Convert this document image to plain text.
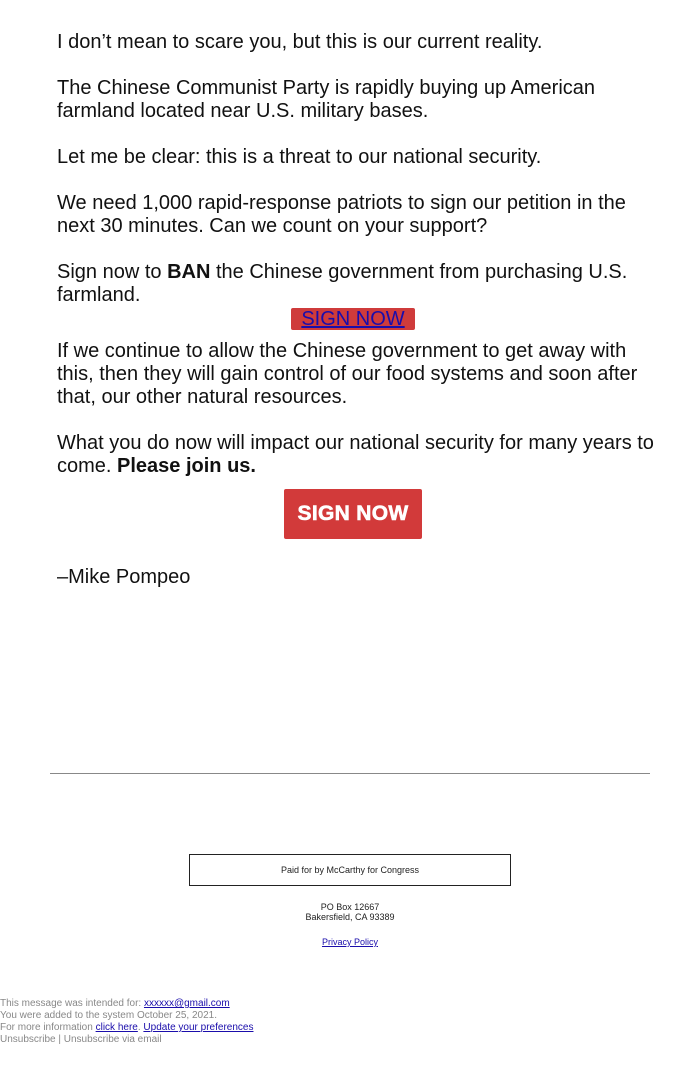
I don’t mean to scare you, but this is our current reality.

The Chinese Communist Party is rapidly buying up American farmland located near U.S. military bases.

Let me be clear: this is a threat to our national security.

We need 1,000 rapid-response patriots to sign our petition in the next 30 minutes. Can we count on your support?

Sign now to BAN the Chinese government from purchasing U.S. farmland.

SIGN NOW

If we continue to allow the Chinese government to get away with this, then they will gain control of our food systems and soon after that, our other natural resources.

What you do now will impact our national security for many years to come. Please join us.

SIGN NOW

–Mike Pompeo

Paid for by McCarthy for Congress
PO Box 12667
Bakersfield, CA 93389
Privacy Policy
This message was intended for: xxxxxx@gmail.com
You were added to the system October 25, 2021.
For more information click here. Update your preferences
Unsubscribe | Unsubscribe via email
